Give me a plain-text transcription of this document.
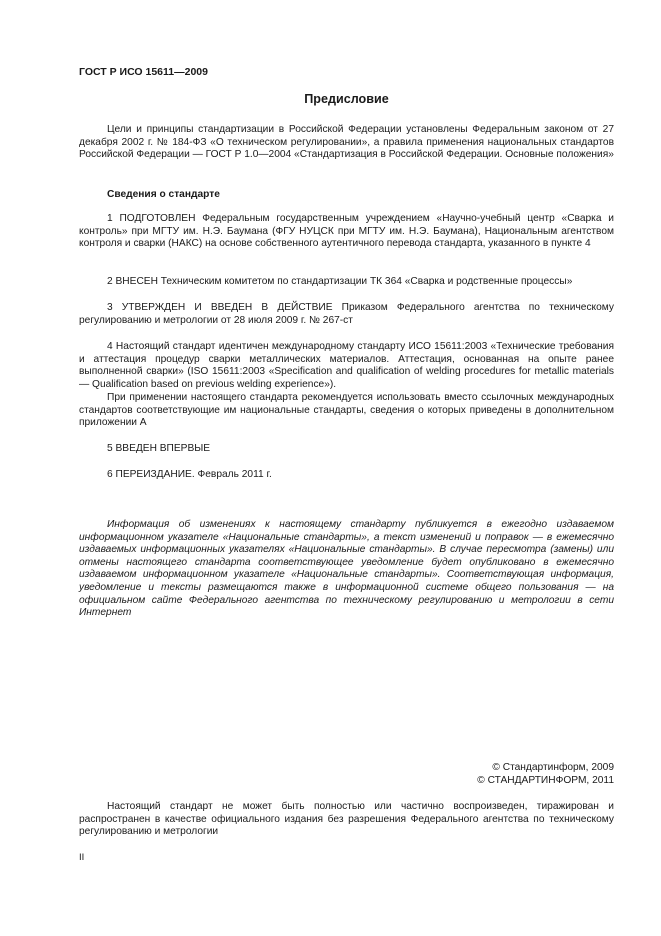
ГОСТ Р ИСО 15611—2009
Предисловие

Цели и принципы стандартизации в Российской Федерации установлены Федеральным законом от 27 декабря 2002 г. № 184-ФЗ «О техническом регулировании», а правила применения национальных стандартов Российской Федерации — ГОСТ Р 1.0—2004 «Стандартизация в Российской Федерации. Основные положения»

Сведения о стандарте

1 ПОДГОТОВЛЕН Федеральным государственным учреждением «Научно-учебный центр «Сварка и контроль» при МГТУ им. Н.Э. Баумана (ФГУ НУЦСК при МГТУ им. Н.Э. Баумана), Национальным агентством контроля и сварки (НАКС) на основе собственного аутентичного перевода стандарта, указанного в пункте 4

2 ВНЕСЕН Техническим комитетом по стандартизации ТК 364 «Сварка и родственные процессы»

3 УТВЕРЖДЕН И ВВЕДЕН В ДЕЙСТВИЕ Приказом Федерального агентства по техническому регулированию и метрологии от 28 июля 2009 г. № 267-ст

4 Настоящий стандарт идентичен международному стандарту ИСО 15611:2003 «Технические требования и аттестация процедур сварки металлических материалов. Аттестация, основанная на опыте ранее выполненной сварки» (ISO 15611:2003 «Specification and qualification of welding procedures for metallic materials — Qualification based on previous welding experience»).

При применении настоящего стандарта рекомендуется использовать вместо ссылочных международных стандартов соответствующие им национальные стандарты, сведения о которых приведены в дополнительном приложении А

5 ВВЕДЕН ВПЕРВЫЕ

6 ПЕРЕИЗДАНИЕ. Февраль 2011 г.

Информация об изменениях к настоящему стандарту публикуется в ежегодно издаваемом информационном указателе «Национальные стандарты», а текст изменений и поправок — в ежемесячно издаваемых информационных указателях «Национальные стандарты». В случае пересмотра (замены) или отмены настоящего стандарта соответствующее уведомление будет опубликовано в ежемесячно издаваемом информационном указателе «Национальные стандарты». Соответствующая информация, уведомление и тексты размещаются также в информационной системе общего пользования — на официальном сайте Федерального агентства по техническому регулированию и метрологии в сети Интернет

© Стандартинформ, 2009
© СТАНДАРТИНФОРМ, 2011

Настоящий стандарт не может быть полностью или частично воспроизведен, тиражирован и распространен в качестве официального издания без разрешения Федерального агентства по техническому регулированию и метрологии

II
